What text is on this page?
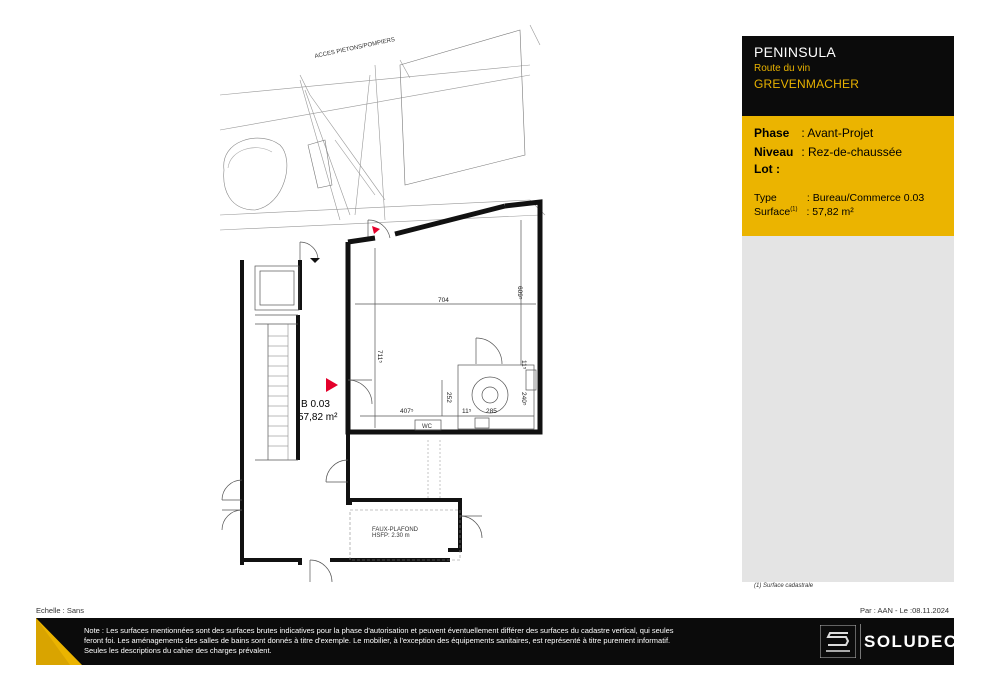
ACCES PIETONS/POMPIERS
704
609⁵
711⁵
11⁵
252	240⁵
407⁵	11⁵ 285
WC
B 0.03
57,82 m²
FAUX-PLAFOND
HSFP: 2.30 m
PENINSULA
Route du vin
GREVENMACHER
Phase : Avant-Projet
Niveau : Rez-de-chaussée
Lot :
Type	: Bureau/Commerce 0.03
Surface$^{(1)}$ : 57,82 m²
(1) Surface cadastrale
Echelle : Sans	Par : AAN - Le :08.11.2024
Note : Les surfaces mentionnées sont des surfaces brutes indicatives pour la phase d'autorisation et peuvent éventuellement différer des surfaces du cadastre vertical, qui seules feront foi. Les aménagements des salles de bains sont donnés à titre d'exemple. Le mobilier, à l'exception des équipements sanitaires, est représenté à titre purement informatif. Seules les descriptions du cahier des charges prévalent.	SOLUDEC
